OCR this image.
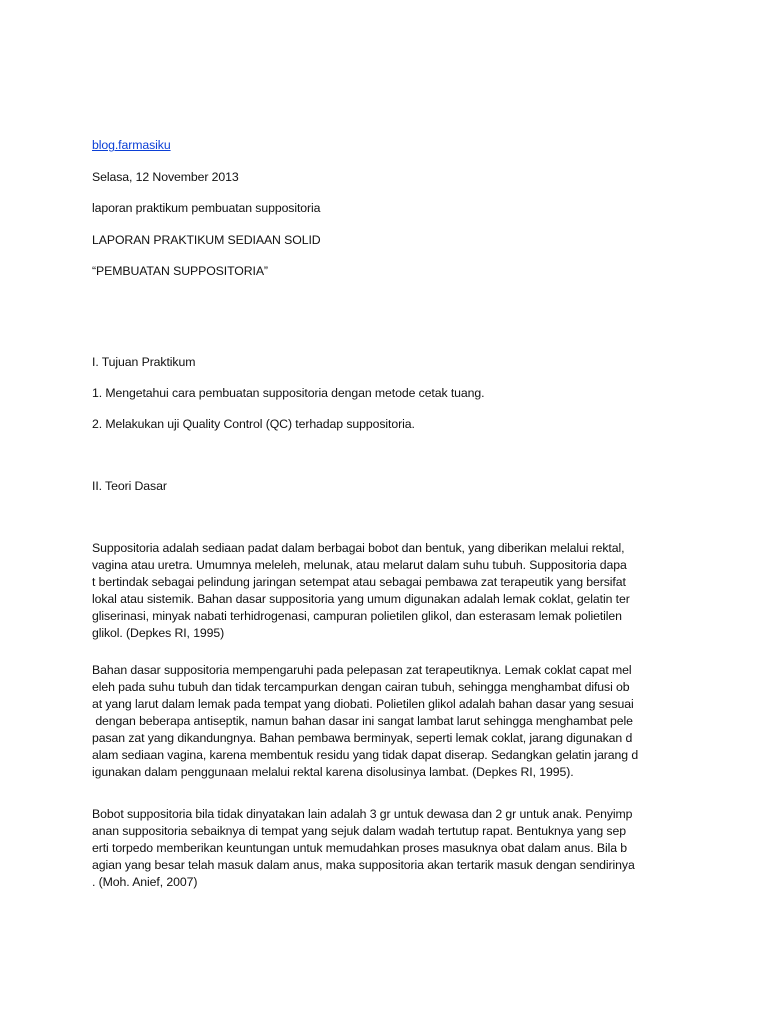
blog.farmasiku
Selasa, 12 November 2013
laporan praktikum pembuatan suppositoria
LAPORAN PRAKTIKUM SEDIAAN SOLID
“PEMBUATAN SUPPOSITORIA”
I. Tujuan Praktikum
1. Mengetahui cara pembuatan suppositoria dengan metode cetak tuang.
2. Melakukan uji Quality Control (QC) terhadap suppositoria.
II. Teori Dasar
Suppositoria adalah sediaan padat dalam berbagai bobot dan bentuk, yang diberikan melalui rektal,
vagina atau uretra. Umumnya meleleh, melunak, atau melarut dalam suhu tubuh. Suppositoria dapa
t bertindak sebagai pelindung jaringan setempat atau sebagai pembawa zat terapeutik yang bersifat
lokal atau sistemik. Bahan dasar suppositoria yang umum digunakan adalah lemak coklat, gelatin ter
gliserinasi, minyak nabati terhidrogenasi, campuran polietilen glikol, dan esterasam lemak polietilen
glikol. (Depkes RI, 1995)
Bahan dasar suppositoria mempengaruhi pada pelepasan zat terapeutiknya. Lemak coklat capat mel
eleh pada suhu tubuh dan tidak tercampurkan dengan cairan tubuh, sehingga menghambat difusi ob
at yang larut dalam lemak pada tempat yang diobati. Polietilen glikol adalah bahan dasar yang sesuai
dengan beberapa antiseptik, namun bahan dasar ini sangat lambat larut sehingga menghambat pele
pasan zat yang dikandungnya. Bahan pembawa berminyak, seperti lemak coklat, jarang digunakan d
alam sediaan vagina, karena membentuk residu yang tidak dapat diserap. Sedangkan gelatin jarang d
igunakan dalam penggunaan melalui rektal karena disolusinya lambat. (Depkes RI, 1995).
Bobot suppositoria bila tidak dinyatakan lain adalah 3 gr untuk dewasa dan 2 gr untuk anak. Penyimp
anan suppositoria sebaiknya di tempat yang sejuk dalam wadah tertutup rapat. Bentuknya yang sep
erti torpedo memberikan keuntungan untuk memudahkan proses masuknya obat dalam anus. Bila b
agian yang besar telah masuk dalam anus, maka suppositoria akan tertarik masuk dengan sendirinya
. (Moh. Anief, 2007)
